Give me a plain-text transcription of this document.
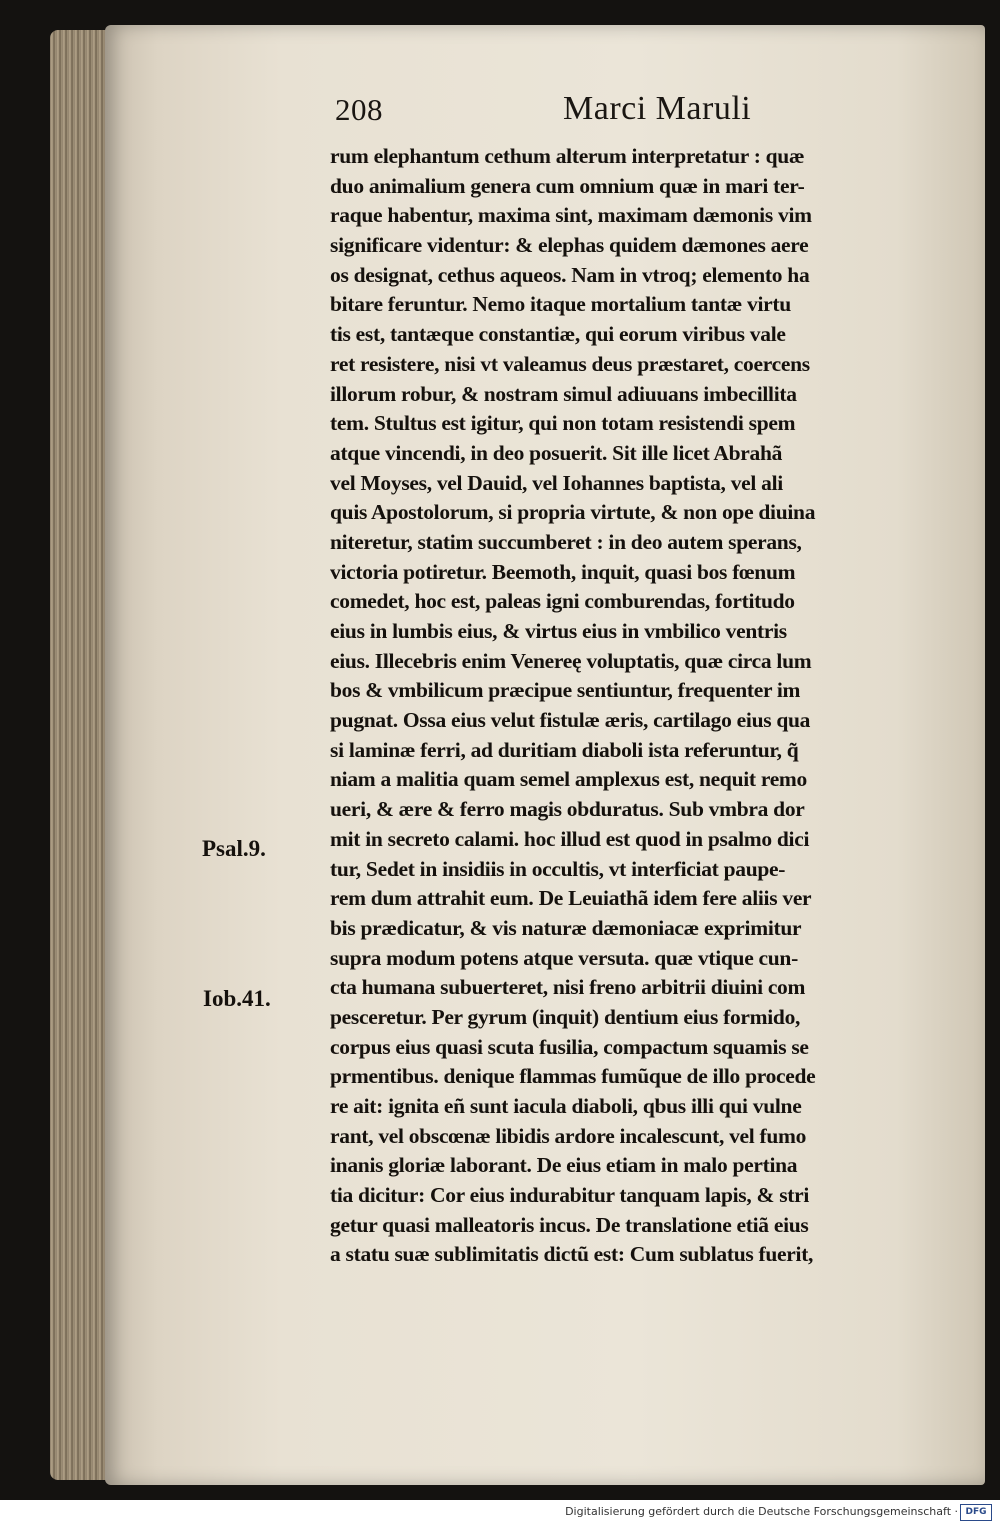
208	Marci Maruli
Psal.9.
Iob.41.
rum elephantum cethum alterum interpretatur : quæ
duo animalium genera cum omnium quæ in mari ter-
raque habentur, maxima sint, maximam dæmonis vim
significare videntur: & elephas quidem dæmones aere
os designat, cethus aqueos. Nam in vtroq; elemento ha
bitare feruntur. Nemo itaque mortalium tantæ virtu
tis est, tantæque constantiæ, qui eorum viribus vale
ret resistere, nisi vt valeamus deus præstaret, coercens
illorum robur, & nostram simul adiuuans imbecillita
tem. Stultus est igitur, qui non totam resistendi spem
atque vincendi, in deo posuerit. Sit ille licet Abrahã
vel Moyses, vel Dauid, vel Iohannes baptista, vel ali
quis Apostolorum, si propria virtute, & non ope diuina
niteretur, statim succumberet : in deo autem sperans,
victoria potiretur. Beemoth, inquit, quasi bos fœnum
comedet, hoc est, paleas igni comburendas, fortitudo
eius in lumbis eius, & virtus eius in vmbilico ventris
eius. Illecebris enim Venereę voluptatis, quæ circa lum
bos & vmbilicum præcipue sentiuntur, frequenter im
pugnat. Ossa eius velut fistulæ æris, cartilago eius qua
si laminæ ferri, ad duritiam diaboli ista referuntur, q̃
niam a malitia quam semel amplexus est, nequit remo
ueri, & ære & ferro magis obduratus. Sub vmbra dor
mit in secreto calami. hoc illud est quod in psalmo dici
tur, Sedet in insidiis in occultis, vt interficiat paupe-
rem dum attrahit eum. De Leuiathã idem fere aliis ver
bis prædicatur, & vis naturæ dæmoniacæ exprimitur
supra modum potens atque versuta. quæ vtique cun-
cta humana subuerteret, nisi freno arbitrii diuini com
pesceretur. Per gyrum (inquit) dentium eius formido,
corpus eius quasi scuta fusilia, compactum squamis se
prmentibus. denique flammas fumũque de illo procede
re ait: ignita eñ sunt iacula diaboli, qbus illi qui vulne
rant, vel obscœnæ libidis ardore incalescunt, vel fumo
inanis gloriæ laborant. De eius etiam in malo pertina
tia dicitur: Cor eius indurabitur tanquam lapis, & stri
getur quasi malleatoris incus. De translatione etiã eius
a statu suæ sublimitatis dictũ est: Cum sublatus fuerit,
Digitalisierung gefördert durch die Deutsche Forschungsgemeinschaft · DFG
